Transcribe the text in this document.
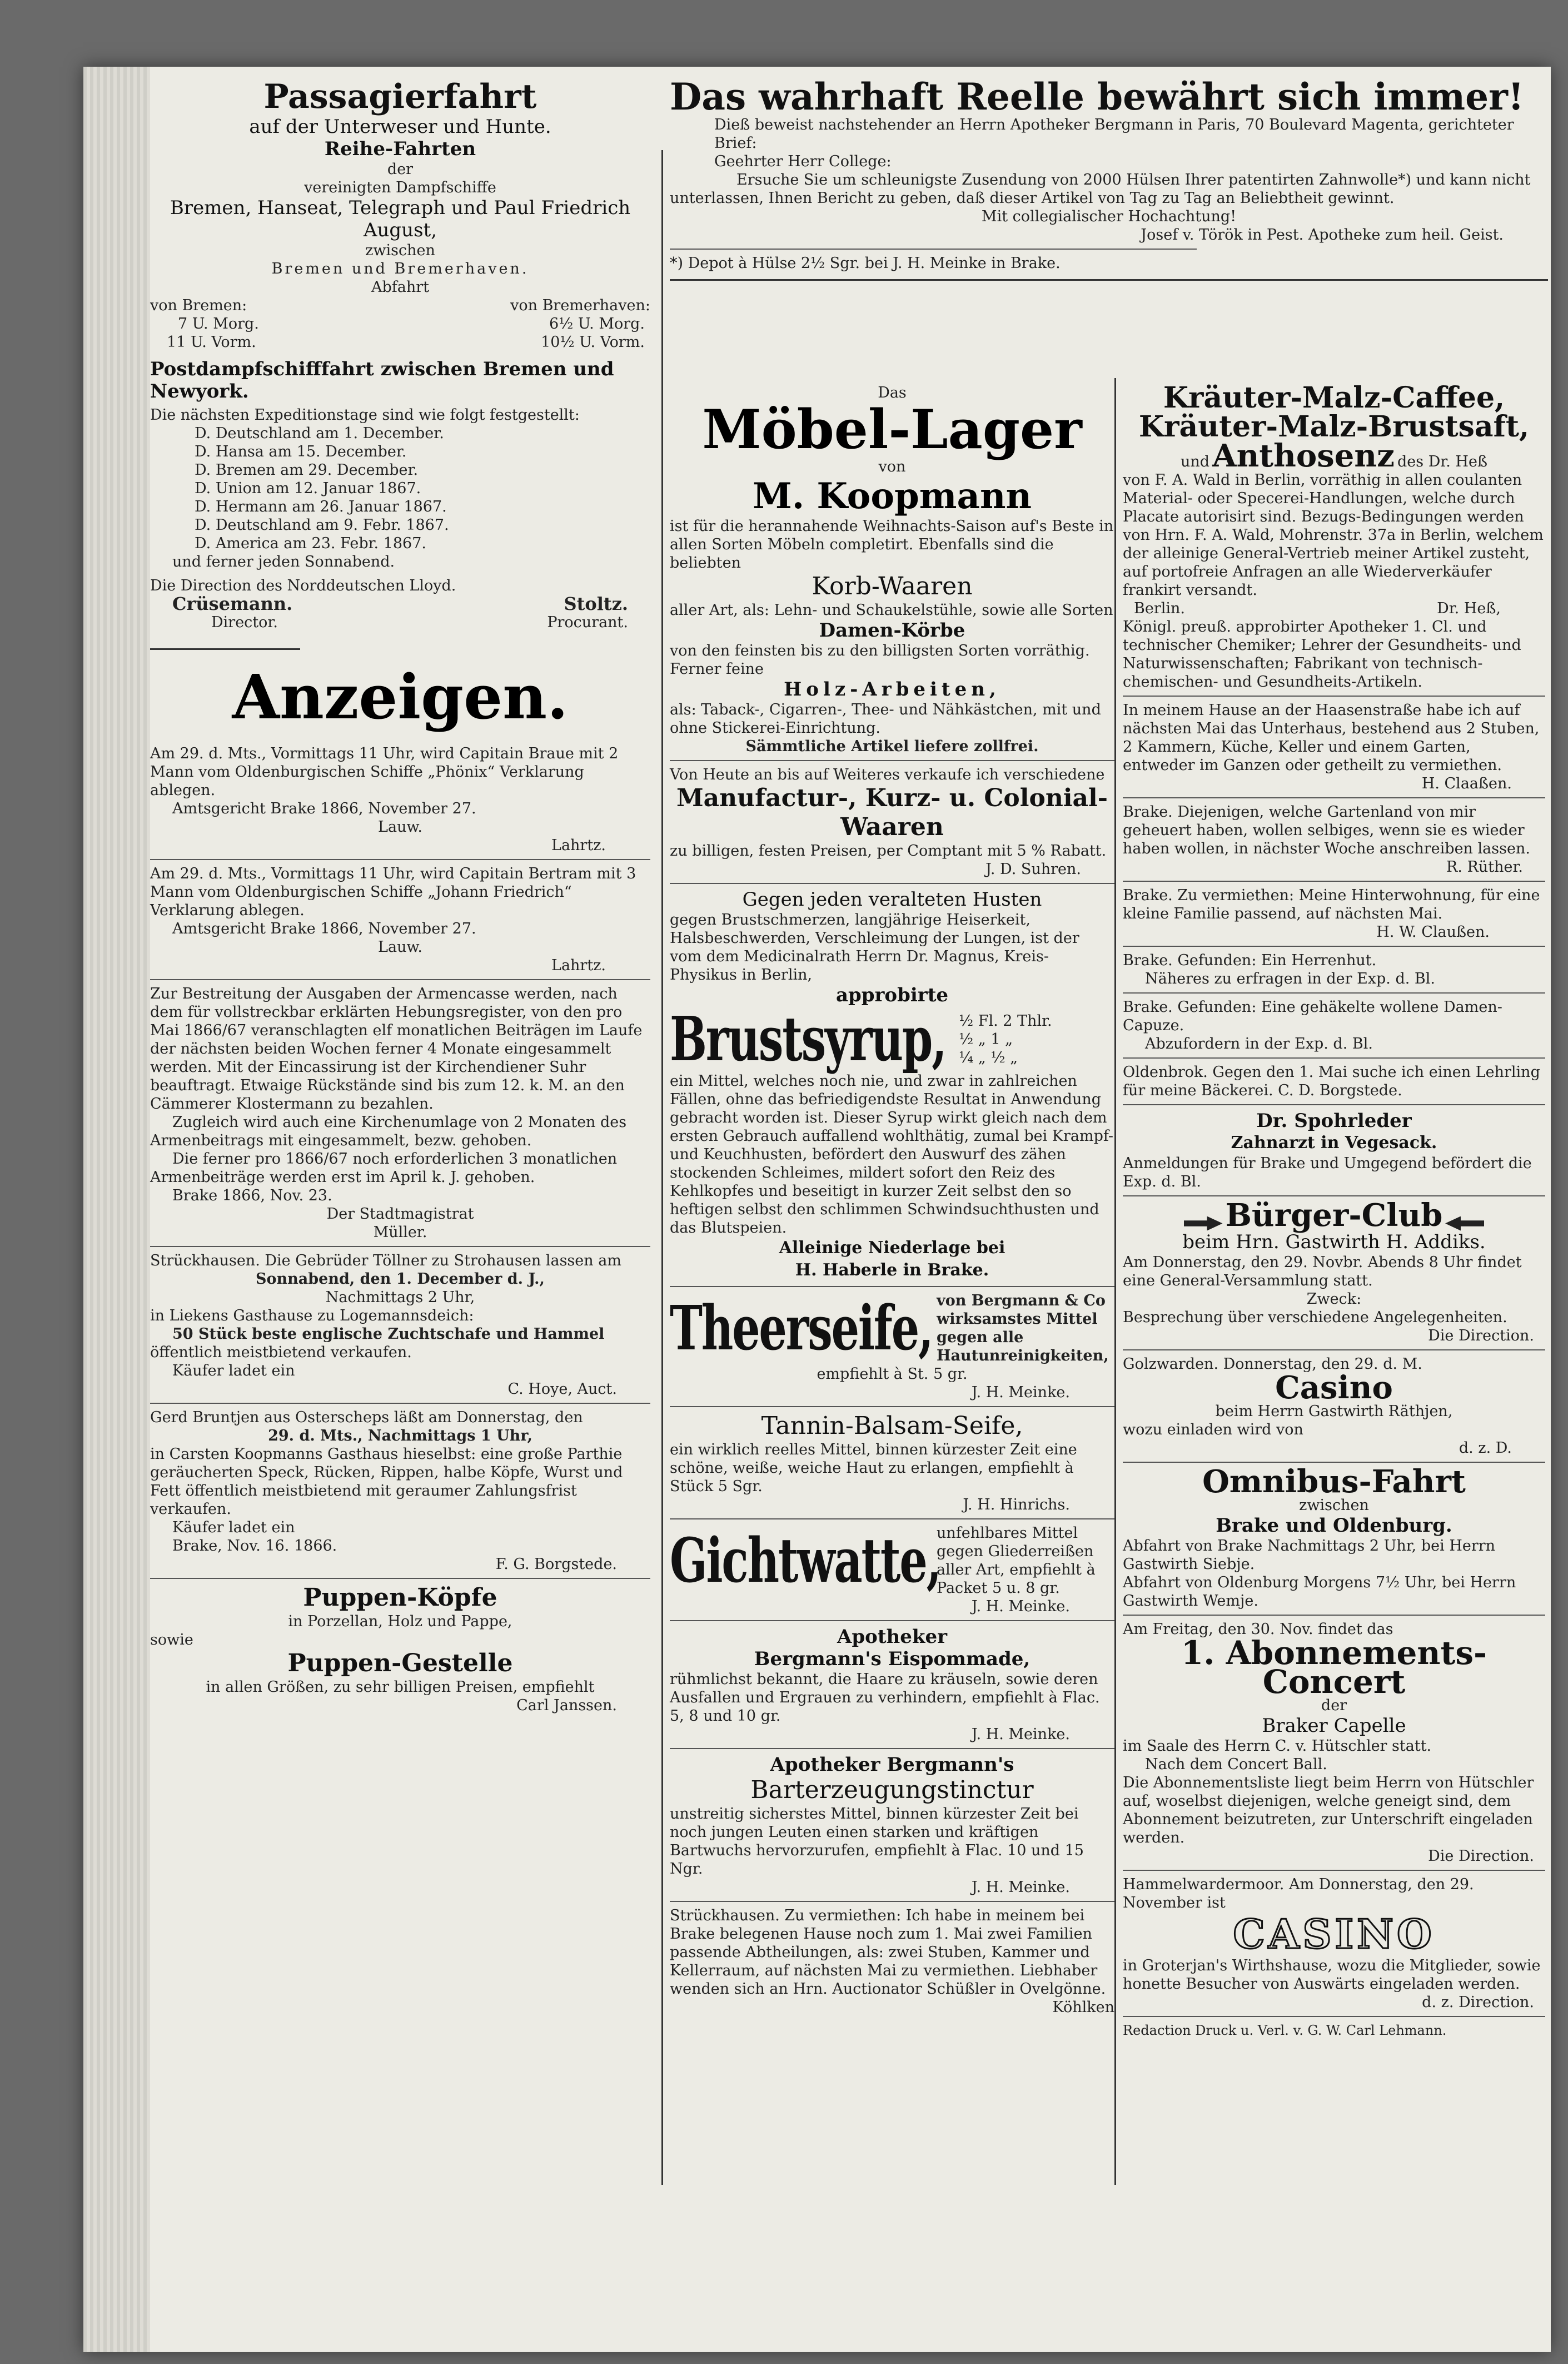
Passagierfahrt

auf der Unterweser und Hunte.

Reihe-Fahrten

der

vereinigten Dampfschiffe

Bremen, Hanseat, Telegraph und Paul Friedrich August,

zwischen

Bremen und Bremerhaven.

Abfahrt

von Bremen:	von Bremerhaven:
7 U. Morg.	6½ U. Morg.
11 U. Vorm.	10½ U. Vorm.

Postdampfschifffahrt zwischen Bremen und Newyork.

Die nächsten Expeditionstage sind wie folgt festgestellt:

D. Deutschland am 1. December.
D. Hansa am 15. December.
D. Bremen am 29. December.
D. Union am 12. Januar 1867.
D. Hermann am 26. Januar 1867.
D. Deutschland am 9. Febr. 1867.
D. America am 23. Febr. 1867.

und ferner jeden Sonnabend.

Die Direction des Norddeutschen Lloyd.

Crüsemann.	Stoltz.
Director.	Procurant.

Anzeigen.

Am 29. d. Mts., Vormittags 11 Uhr, wird Capitain Braue mit 2 Mann vom Oldenburgischen Schiffe „Phönix“ Verklarung ablegen.

Amtsgericht Brake 1866, November 27.

Lauw.

Lahrtz.

Am 29. d. Mts., Vormittags 11 Uhr, wird Capitain Bertram mit 3 Mann vom Oldenburgischen Schiffe „Johann Friedrich“ Verklarung ablegen.

Amtsgericht Brake 1866, November 27.

Lauw.

Lahrtz.

Zur Bestreitung der Ausgaben der Armencasse werden, nach dem für vollstreckbar erklärten Hebungsregister, von den pro Mai 1866/67 veranschlagten elf monatlichen Beiträgen im Laufe der nächsten beiden Wochen ferner 4 Monate eingesammelt werden. Mit der Eincassirung ist der Kirchendiener Suhr beauftragt. Etwaige Rückstände sind bis zum 12. k. M. an den Cämmerer Klostermann zu bezahlen.

Zugleich wird auch eine Kirchenumlage von 2 Monaten des Armenbeitrags mit eingesammelt, bezw. gehoben.

Die ferner pro 1866/67 noch erforderlichen 3 monatlichen Armenbeiträge werden erst im April k. J. gehoben.

Brake 1866, Nov. 23.

Der Stadtmagistrat

Müller.

Strückhausen. Die Gebrüder Töllner zu Strohausen lassen am

Sonnabend, den 1. December d. J.,

Nachmittags 2 Uhr,

in Liekens Gasthause zu Logemannsdeich:

50 Stück beste englische Zuchtschafe und Hammel

öffentlich meistbietend verkaufen.

Käufer ladet ein

C. Hoye, Auct.

Gerd Bruntjen aus Osterscheps läßt am Donnerstag, den

29. d. Mts., Nachmittags 1 Uhr,

in Carsten Koopmanns Gasthaus hieselbst: eine große Parthie geräucherten Speck, Rücken, Rippen, halbe Köpfe, Wurst und Fett öffentlich meistbietend mit geraumer Zahlungsfrist verkaufen.

Käufer ladet ein

Brake, Nov. 16. 1866.

F. G. Borgstede.

Puppen-Köpfe

in Porzellan, Holz und Pappe,

sowie

Puppen-Gestelle

in allen Größen, zu sehr billigen Preisen, empfiehlt

Carl Janssen.

Das wahrhaft Reelle bewährt sich immer!

Dieß beweist nachstehender an Herrn Apotheker Bergmann in Paris, 70 Boulevard Magenta, gerichteter Brief:

Geehrter Herr College:

Ersuche Sie um schleunigste Zusendung von 2000 Hülsen Ihrer patentirten Zahnwolle*) und kann nicht unterlassen, Ihnen Bericht zu geben, daß dieser Artikel von Tag zu Tag an Beliebtheit gewinnt.

Mit collegialischer Hochachtung!

Josef v. Török in Pest. Apotheke zum heil. Geist.

*) Depot à Hülse 2½ Sgr. bei J. H. Meinke in Brake.

Das

Möbel-Lager

von

M. Koopmann

ist für die herannahende Weihnachts-Saison auf's Beste in allen Sorten Möbeln completirt. Ebenfalls sind die beliebten

Korb-Waaren

aller Art, als: Lehn- und Schaukelstühle, sowie alle Sorten

Damen-Körbe

von den feinsten bis zu den billigsten Sorten vorräthig. Ferner feine

Holz-Arbeiten,

als: Taback-, Cigarren-, Thee- und Nähkästchen, mit und ohne Stickerei-Einrichtung.

Sämmtliche Artikel liefere zollfrei.

Von Heute an bis auf Weiteres verkaufe ich verschiedene

Manufactur-, Kurz- u. Colonial-Waaren

zu billigen, festen Preisen, per Comptant mit 5 % Rabatt.

J. D. Suhren.

Gegen jeden veralteten Husten

gegen Brustschmerzen, langjährige Heiserkeit, Halsbeschwerden, Verschleimung der Lungen, ist der vom dem Medicinalrath Herrn Dr. Magnus, Kreis-Physikus in Berlin,

approbirte

Brustsyrup, ½ Fl. 2 Thlr.

½ „ 1 „

¼ „ ½ „

ein Mittel, welches noch nie, und zwar in zahlreichen Fällen, ohne das befriedigendste Resultat in Anwendung gebracht worden ist. Dieser Syrup wirkt gleich nach dem ersten Gebrauch auffallend wohlthätig, zumal bei Krampf- und Keuchhusten, befördert den Auswurf des zähen stockenden Schleimes, mildert sofort den Reiz des Kehlkopfes und beseitigt in kurzer Zeit selbst den so heftigen selbst den schlimmen Schwindsuchthusten und das Blutspeien.

Alleinige Niederlage bei

H. Haberle in Brake.

Theerseife, von Bergmann & Co wirksamstes Mittel gegen alle Hautunreinigkeiten,

empfiehlt à St. 5 gr.

J. H. Meinke.

Tannin-Balsam-Seife,

ein wirklich reelles Mittel, binnen kürzester Zeit eine schöne, weiße, weiche Haut zu erlangen, empfiehlt à Stück 5 Sgr.

J. H. Hinrichs.

Gichtwatte,

unfehlbares Mittel gegen Gliederreißen aller Art, empfiehlt à Packet 5 u. 8 gr.

J. H. Meinke.

Apotheker

Bergmann's Eispommade,

rühmlichst bekannt, die Haare zu kräuseln, sowie deren Ausfallen und Ergrauen zu verhindern, empfiehlt à Flac. 5, 8 und 10 gr.

J. H. Meinke.

Apotheker Bergmann's

Barterzeugungstinctur

unstreitig sicherstes Mittel, binnen kürzester Zeit bei noch jungen Leuten einen starken und kräftigen Bartwuchs hervorzurufen, empfiehlt à Flac. 10 und 15 Ngr.

J. H. Meinke.

Strückhausen. Zu vermiethen: Ich habe in meinem bei Brake belegenen Hause noch zum 1. Mai zwei Familien passende Abtheilungen, als: zwei Stuben, Kammer und Kellerraum, auf nächsten Mai zu vermiethen. Liebhaber wenden sich an Hrn. Auctionator Schüßler in Ovelgönne.

Köhlken

Kräuter-Malz-Caffee,

Kräuter-Malz-Brustsaft,

und Anthosenz des Dr. Heß

von F. A. Wald in Berlin, vorräthig in allen coulanten Material- oder Specerei-Handlungen, welche durch Placate autorisirt sind. Bezugs-Bedingungen werden von Hrn. F. A. Wald, Mohrenstr. 37a in Berlin, welchem der alleinige General-Vertrieb meiner Artikel zusteht, auf portofreie Anfragen an alle Wiederverkäufer frankirt versandt.

Berlin.	Dr. Heß,

Königl. preuß. approbirter Apotheker 1. Cl. und technischer Chemiker; Lehrer der Gesundheits- und Naturwissenschaften; Fabrikant von technisch-chemischen- und Gesundheits-Artikeln.

In meinem Hause an der Haasenstraße habe ich auf nächsten Mai das Unterhaus, bestehend aus 2 Stuben, 2 Kammern, Küche, Keller und einem Garten, entweder im Ganzen oder getheilt zu vermiethen.

H. Claaßen.

Brake. Diejenigen, welche Gartenland von mir geheuert haben, wollen selbiges, wenn sie es wieder haben wollen, in nächster Woche anschreiben lassen.

R. Rüther.

Brake. Zu vermiethen: Meine Hinterwohnung, für eine kleine Familie passend, auf nächsten Mai.

H. W. Claußen.

Brake. Gefunden: Ein Herrenhut.

Näheres zu erfragen in der Exp. d. Bl.

Brake. Gefunden: Eine gehäkelte wollene Damen-Capuze.

Abzufordern in der Exp. d. Bl.

Oldenbrok. Gegen den 1. Mai suche ich einen Lehrling für meine Bäckerei. C. D. Borgstede.

Dr. Spohrleder

Zahnarzt in Vegesack.

Anmeldungen für Brake und Umgegend befördert die Exp. d. Bl.

Bürger-Club

beim Hrn. Gastwirth H. Addiks.

Am Donnerstag, den 29. Novbr. Abends 8 Uhr findet eine General-Versammlung statt.

Zweck:

Besprechung über verschiedene Angelegenheiten.

Die Direction.

Golzwarden. Donnerstag, den 29. d. M.

Casino

beim Herrn Gastwirth Räthjen,

wozu einladen wird von

d. z. D.

Omnibus-Fahrt

zwischen

Brake und Oldenburg.

Abfahrt von Brake Nachmittags 2 Uhr, bei Herrn Gastwirth Siebje.

Abfahrt von Oldenburg Morgens 7½ Uhr, bei Herrn Gastwirth Wemje.

Am Freitag, den 30. Nov. findet das

1. Abonnements-Concert

der

Braker Capelle

im Saale des Herrn C. v. Hütschler statt.

Nach dem Concert Ball.

Die Abonnementsliste liegt beim Herrn von Hütschler auf, woselbst diejenigen, welche geneigt sind, dem Abonnement beizutreten, zur Unterschrift eingeladen werden.

Die Direction.

Hammelwardermoor. Am Donnerstag, den 29. November ist

CASINO

in Groterjan's Wirthshause, wozu die Mitglieder, sowie honette Besucher von Auswärts eingeladen werden.

d. z. Direction.

Redaction Druck u. Verl. v. G. W. Carl Lehmann.
